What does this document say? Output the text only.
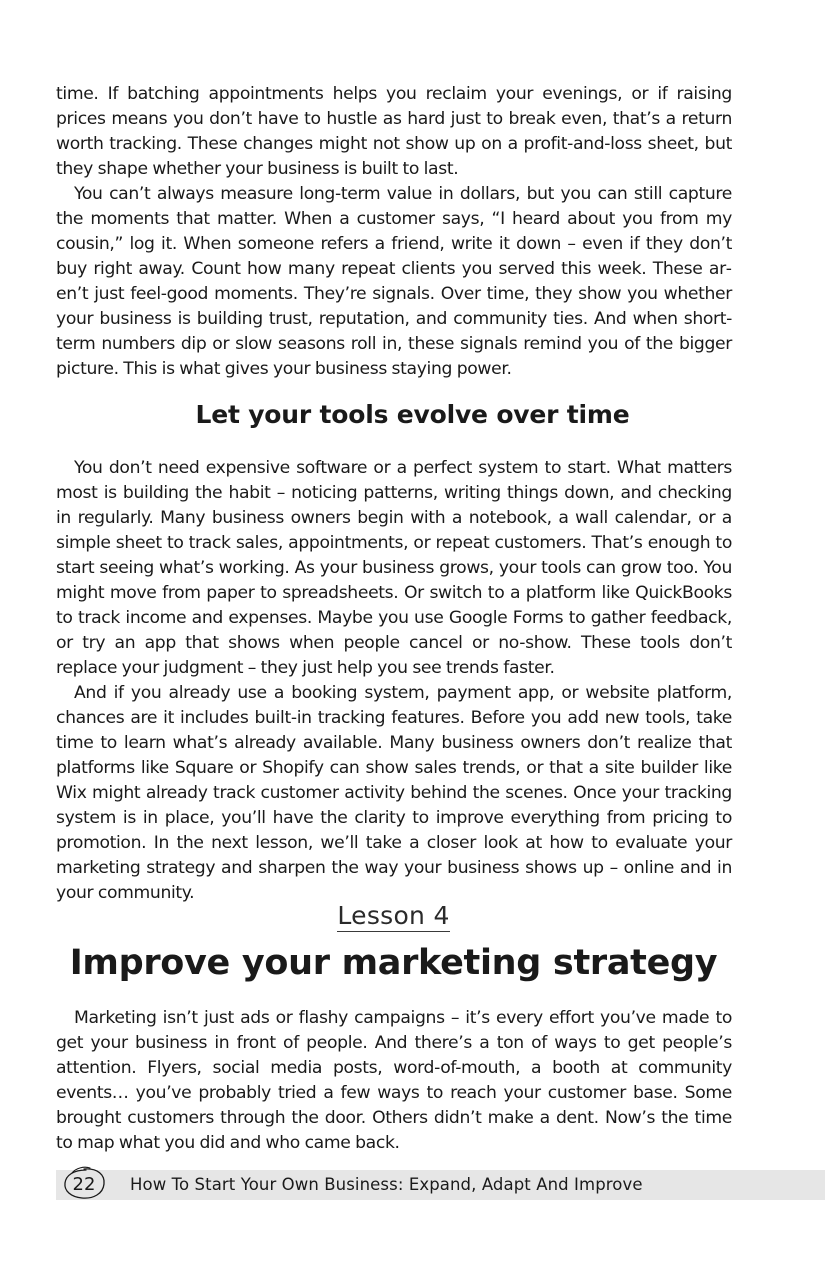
time. If batching appointments helps you reclaim your evenings, or if raising prices means you don’t have to hustle as hard just to break even, that’s a return worth tracking. These changes might not show up on a profit-and-loss sheet, but they shape whether your business is built to last.

You can’t always measure long-term value in dollars, but you can still capture the moments that matter. When a customer says, “I heard about you from my cousin,” log it. When someone refers a friend, write it down – even if they don’t buy right away. Count how many repeat clients you served this week. These aren’t just feel-good moments. They’re signals. Over time, they show you whether your business is building trust, reputation, and community ties. And when short-term numbers dip or slow seasons roll in, these signals remind you of the bigger picture. This is what gives your business staying power.

Let your tools evolve over time

You don’t need expensive software or a perfect system to start. What matters most is building the habit – noticing patterns, writing things down, and checking in regularly. Many business owners begin with a notebook, a wall calendar, or a simple sheet to track sales, appointments, or repeat customers. That’s enough to start seeing what’s working. As your business grows, your tools can grow too. You might move from paper to spreadsheets. Or switch to a platform like QuickBooks to track income and expenses. Maybe you use Google Forms to gather feedback, or try an app that shows when people cancel or no-show. These tools don’t replace your judgment – they just help you see trends faster.

And if you already use a booking system, payment app, or website platform, chances are it includes built-in tracking features. Before you add new tools, take time to learn what’s already available. Many business owners don’t realize that platforms like Square or Shopify can show sales trends, or that a site builder like Wix might already track customer activity behind the scenes. Once your tracking system is in place, you’ll have the clarity to improve everything from pricing to promotion. In the next lesson, we’ll take a closer look at how to evaluate your marketing strategy and sharpen the way your business shows up – online and in your community.

Lesson 4
Improve your marketing strategy

Marketing isn’t just ads or flashy campaigns – it’s every effort you’ve made to get your business in front of people. And there’s a ton of ways to get people’s attention. Flyers, social media posts, word-of-mouth, a booth at community events… you’ve probably tried a few ways to reach your customer base. Some brought customers through the door. Others didn’t make a dent. Now’s the time to map what you did and who came back.

22	How To Start Your Own Business: Expand, Adapt And Improve
